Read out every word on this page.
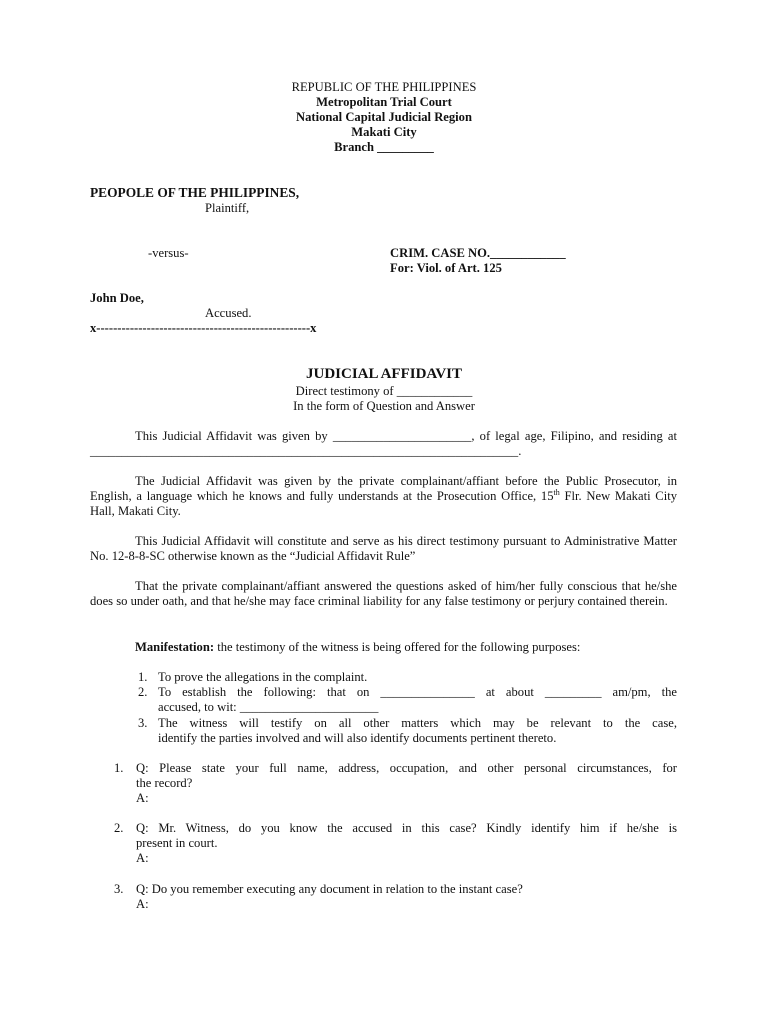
REPUBLIC OF THE PHILIPPINES
Metropolitan Trial Court
National Capital Judicial Region
Makati City
Branch _________
PEOPOLE OF THE PHILIPPINES,
Plaintiff,
-versus-	CRIM. CASE NO.____________
For: Viol. of Art. 125
John Doe,
Accused.
x---------------------------------------------------x
JUDICIAL AFFIDAVIT
Direct testimony of ____________
In the form of Question and Answer
This Judicial Affidavit was given by ______________________, of legal age, Filipino, and residing at ____________________________________________________________________.
The Judicial Affidavit was given by the private complainant/affiant before the Public Prosecutor, in English, a language which he knows and fully understands at the Prosecution Office, 15th Flr. New Makati City Hall, Makati City.
This Judicial Affidavit will constitute and serve as his direct testimony pursuant to Administrative Matter No. 12-8-8-SC otherwise known as the “Judicial Affidavit Rule”
That the private complainant/affiant answered the questions asked of him/her fully conscious that he/she does so under oath, and that he/she may face criminal liability for any false testimony or perjury contained therein.
Manifestation: the testimony of the witness is being offered for the following purposes:
1. To prove the allegations in the complaint.
2. To establish the following: that on _______________ at about _________ am/pm, the
accused, to wit: ______________________
3. The witness will testify on all other matters which may be relevant to the case,
identify the parties involved and will also identify documents pertinent thereto.
1. Q: Please state your full name, address, occupation, and other personal circumstances, for
the record?
A:
2. Q: Mr. Witness, do you know the accused in this case? Kindly identify him if he/she is
present in court.
A:
3. Q: Do you remember executing any document in relation to the instant case?
A:
